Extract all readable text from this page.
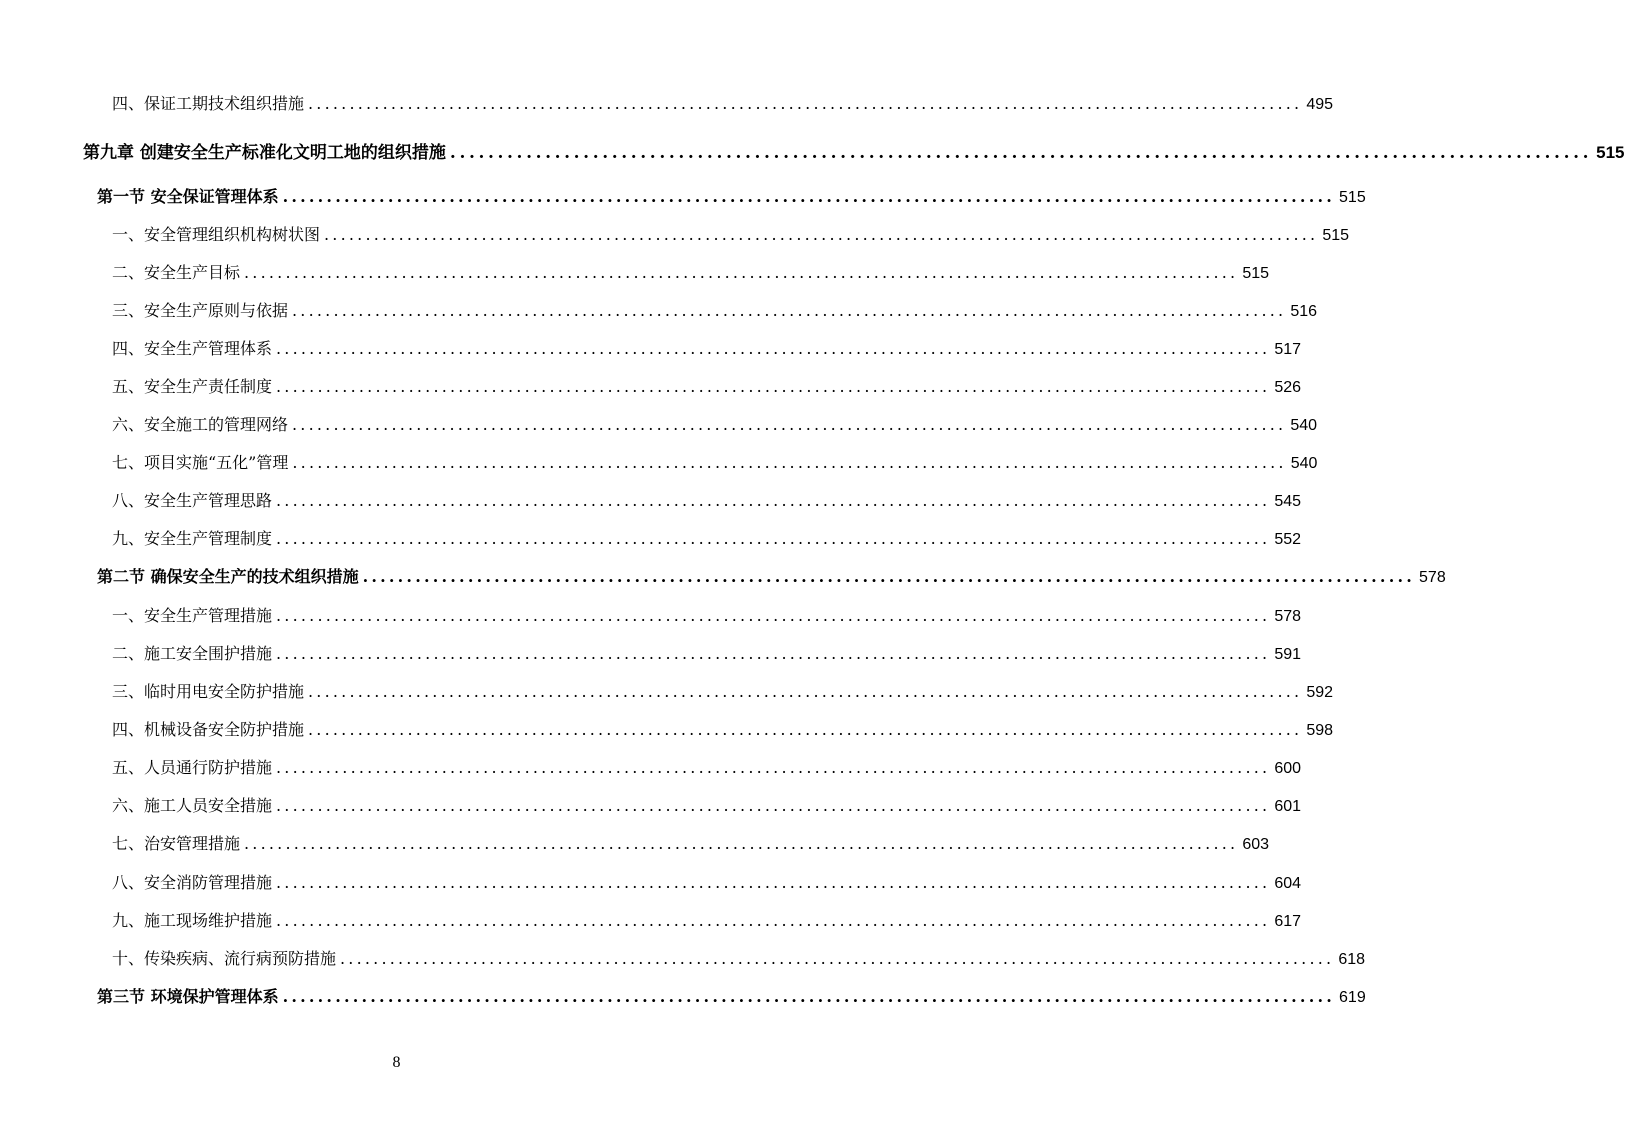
四、保证工期技术组织措施 ........................................................................................................................ 495
第九章 创建安全生产标准化文明工地的组织措施 ........................................................................................................................ 515
第一节 安全保证管理体系 ........................................................................................................................ 515
一、安全管理组织机构树状图 ........................................................................................................................ 515
二、安全生产目标 ........................................................................................................................ 515
三、安全生产原则与依据 ........................................................................................................................ 516
四、安全生产管理体系 ........................................................................................................................ 517
五、安全生产责任制度 ........................................................................................................................ 526
六、安全施工的管理网络 ........................................................................................................................ 540
七、项目实施“五化”管理 ........................................................................................................................ 540
八、安全生产管理思路 ........................................................................................................................ 545
九、安全生产管理制度 ........................................................................................................................ 552
第二节 确保安全生产的技术组织措施 ........................................................................................................................ 578
一、安全生产管理措施 ........................................................................................................................ 578
二、施工安全围护措施 ........................................................................................................................ 591
三、临时用电安全防护措施 ........................................................................................................................ 592
四、机械设备安全防护措施 ........................................................................................................................ 598
五、人员通行防护措施 ........................................................................................................................ 600
六、施工人员安全措施 ........................................................................................................................ 601
七、治安管理措施 ........................................................................................................................ 603
八、安全消防管理措施 ........................................................................................................................ 604
九、施工现场维护措施 ........................................................................................................................ 617
十、传染疾病、流行病预防措施 ........................................................................................................................ 618
第三节 环境保护管理体系 ........................................................................................................................ 619
8
